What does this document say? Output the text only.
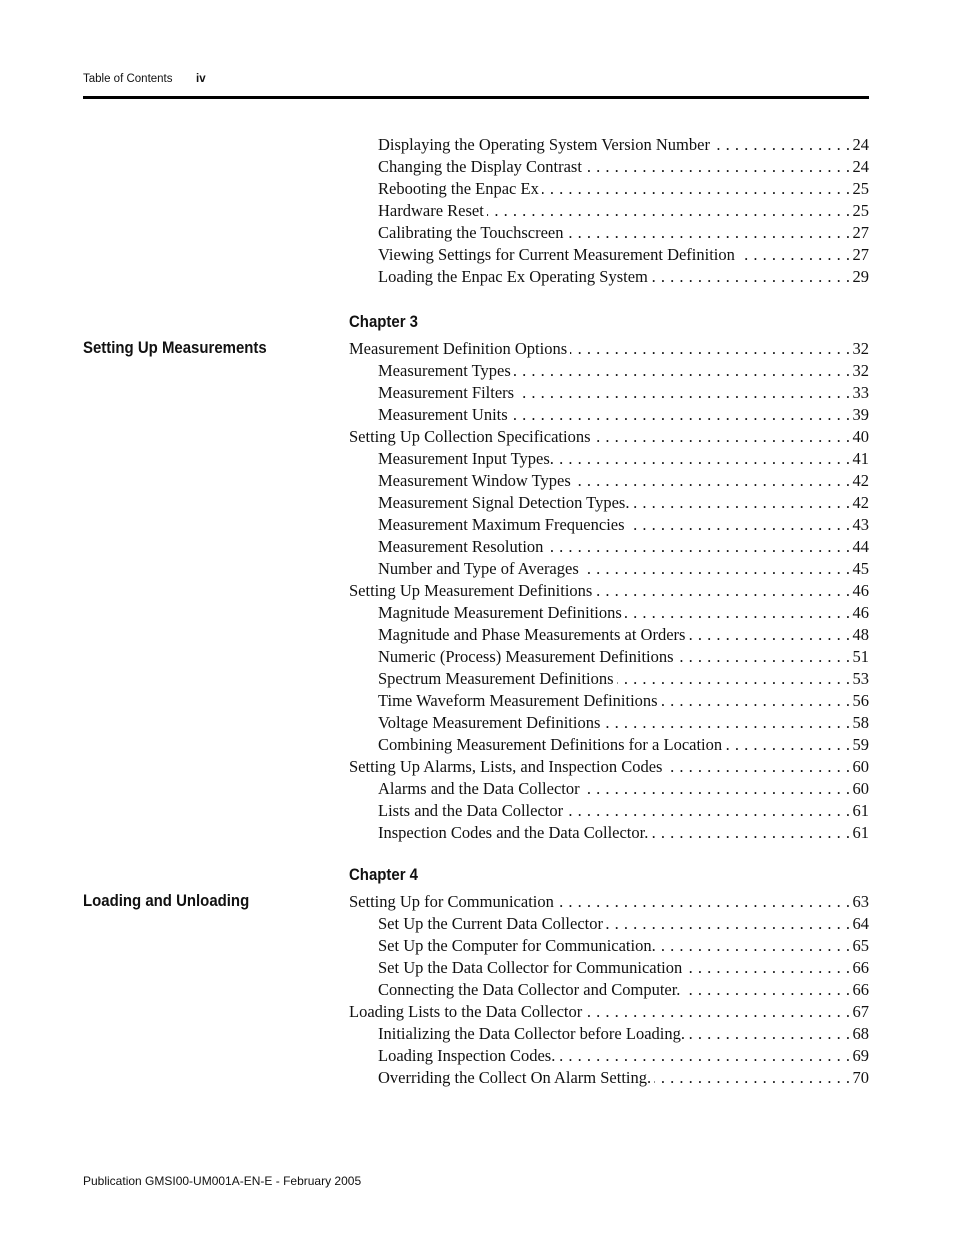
Table of Contents iv
Displaying the Operating System Version Number	24
. . .
Changing the Display Contrast	24
. . .
Rebooting the Enpac Ex	25
. . .
Hardware Reset	25
. . .
Calibrating the Touchscreen	27
. . .
Viewing Settings for Current Measurement Definition	27
. . .
Loading the Enpac Ex Operating System	29
. . .
Chapter 3
Setting Up Measurements	Measurement Definition Options	32
. . .
Measurement Types	32
. . .
Measurement Filters	33
. . .
Measurement Units	39
. . .
Setting Up Collection Specifications	40
. . .
Measurement Input Types.	41
. . .
Measurement Window Types	42
. . .
Measurement Signal Detection Types.	42
. . .
Measurement Maximum Frequencies	43
. . .
Measurement Resolution	44
. . .
Number and Type of Averages	45
. . .
Setting Up Measurement Definitions	46
. . .
Magnitude Measurement Definitions	46
. . .
Magnitude and Phase Measurements at Orders	48
. . .
Numeric (Process) Measurement Definitions	51
. . .
Spectrum Measurement Definitions	53
. . .
Time Waveform Measurement Definitions	56
. . .
Voltage Measurement Definitions	58
. . .
Combining Measurement Definitions for a Location	59
. . .
Setting Up Alarms, Lists, and Inspection Codes	60
. . .
Alarms and the Data Collector	60
. . .
Lists and the Data Collector	61
. . .
Inspection Codes and the Data Collector.	61
. . .
Chapter 4
Loading and Unloading	Setting Up for Communication	63
. . .
Set Up the Current Data Collector	64
. . .
Set Up the Computer for Communication.	65
. . .
Set Up the Data Collector for Communication	66
. . .
Connecting the Data Collector and Computer.	66
. . .
Loading Lists to the Data Collector	67
. . .
Initializing the Data Collector before Loading.	68
. . .
Loading Inspection Codes.	69
. . .
Overriding the Collect On Alarm Setting.	70
. . .
Publication GMSI00-UM001A-EN-E - February 2005
